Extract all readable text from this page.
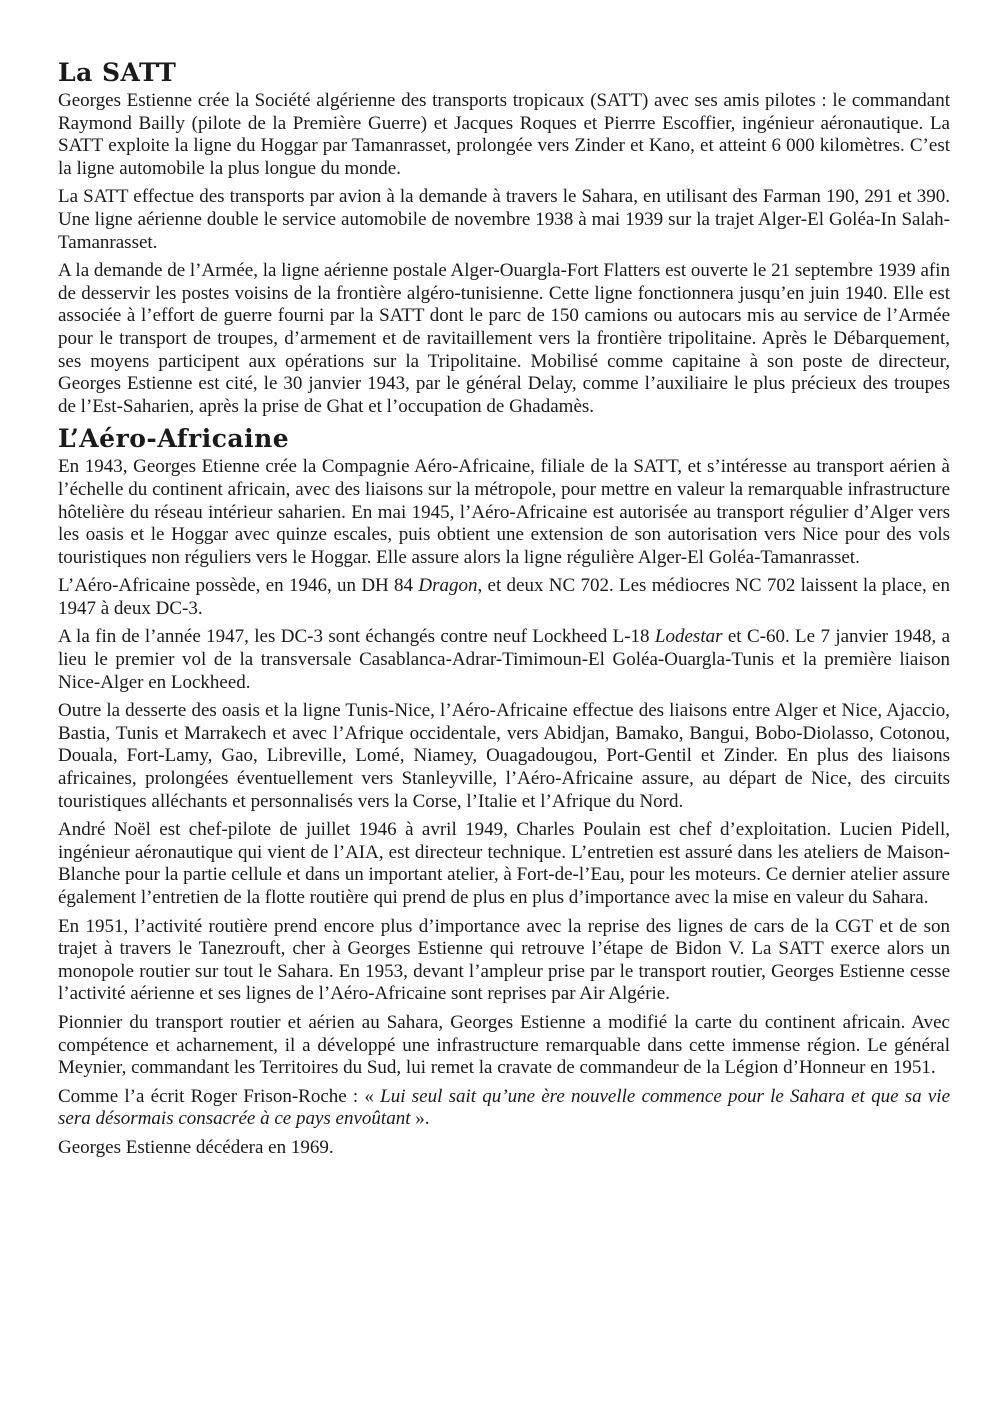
La SATT

Georges Estienne crée la Société algérienne des transports tropicaux (SATT) avec ses amis pilotes : le commandant Raymond Bailly (pilote de la Première Guerre) et Jacques Roques et Pierrre Escoffier, ingénieur aéronautique. La SATT exploite la ligne du Hoggar par Tamanrasset, prolongée vers Zinder et Kano, et atteint 6 000 kilomètres. C’est la ligne automobile la plus longue du monde.

La SATT effectue des transports par avion à la demande à travers le Sahara, en utilisant des Farman 190, 291 et 390. Une ligne aérienne double le service automobile de novembre 1938 à mai 1939 sur la trajet Alger-El Goléa-In Salah-Tamanrasset.

A la demande de l’Armée, la ligne aérienne postale Alger-Ouargla-Fort Flatters est ouverte le 21 septembre 1939 afin de desservir les postes voisins de la frontière algéro-tunisienne. Cette ligne fonctionnera jusqu’en juin 1940. Elle est associée à l’effort de guerre fourni par la SATT dont le parc de 150 camions ou autocars mis au service de l’Armée pour le transport de troupes, d’armement et de ravitaillement vers la frontière tripolitaine. Après le Débarquement, ses moyens participent aux opérations sur la Tripolitaine. Mobilisé comme capitaine à son poste de directeur, Georges Estienne est cité, le 30 janvier 1943, par le général Delay, comme l’auxiliaire le plus précieux des troupes de l’Est-Saharien, après la prise de Ghat et l’occupation de Ghadamès.

L’Aéro-Africaine

En 1943, Georges Etienne crée la Compagnie Aéro-Africaine, filiale de la SATT, et s’intéresse au transport aérien à l’échelle du continent africain, avec des liaisons sur la métropole, pour mettre en valeur la remarquable infrastructure hôtelière du réseau intérieur saharien. En mai 1945, l’Aéro-Africaine est autorisée au transport régulier d’Alger vers les oasis et le Hoggar avec quinze escales, puis obtient une extension de son autorisation vers Nice pour des vols touristiques non réguliers vers le Hoggar. Elle assure alors la ligne régulière Alger-El Goléa-Tamanrasset.

L’Aéro-Africaine possède, en 1946, un DH 84 Dragon, et deux NC 702. Les médiocres NC 702 laissent la place, en 1947 à deux DC-3.

A la fin de l’année 1947, les DC-3 sont échangés contre neuf Lockheed L-18 Lodestar et C-60. Le 7 janvier 1948, a lieu le premier vol de la transversale Casablanca-Adrar-Timimoun-El Goléa-Ouargla-Tunis et la première liaison Nice-Alger en Lockheed.

Outre la desserte des oasis et la ligne Tunis-Nice, l’Aéro-Africaine effectue des liaisons entre Alger et Nice, Ajaccio, Bastia, Tunis et Marrakech et avec l’Afrique occidentale, vers Abidjan, Bamako, Bangui, Bobo-Diolasso, Cotonou, Douala, Fort-Lamy, Gao, Libreville, Lomé, Niamey, Ouagadougou, Port-Gentil et Zinder. En plus des liaisons africaines, prolongées éventuellement vers Stanleyville, l’Aéro-Africaine assure, au départ de Nice, des circuits touristiques alléchants et personnalisés vers la Corse, l’Italie et l’Afrique du Nord.

André Noël est chef-pilote de juillet 1946 à avril 1949, Charles Poulain est chef d’exploitation. Lucien Pidell, ingénieur aéronautique qui vient de l’AIA, est directeur technique. L’entretien est assuré dans les ateliers de Maison-Blanche pour la partie cellule et dans un important atelier, à Fort-de-l’Eau, pour les moteurs. Ce dernier atelier assure également l’entretien de la flotte routière qui prend de plus en plus d’importance avec la mise en valeur du Sahara.

En 1951, l’activité routière prend encore plus d’importance avec la reprise des lignes de cars de la CGT et de son trajet à travers le Tanezrouft, cher à Georges Estienne qui retrouve l’étape de Bidon V. La SATT exerce alors un monopole routier sur tout le Sahara. En 1953, devant l’ampleur prise par le transport routier, Georges Estienne cesse l’activité aérienne et ses lignes de l’Aéro-Africaine sont reprises par Air Algérie.

Pionnier du transport routier et aérien au Sahara, Georges Estienne a modifié la carte du continent africain. Avec compétence et acharnement, il a développé une infrastructure remarquable dans cette immense région. Le général Meynier, commandant les Territoires du Sud, lui remet la cravate de commandeur de la Légion d’Honneur en 1951.

Comme l’a écrit Roger Frison-Roche : « Lui seul sait qu’une ère nouvelle commence pour le Sahara et que sa vie sera désormais consacrée à ce pays envoûtant ».

Georges Estienne décédera en 1969.
